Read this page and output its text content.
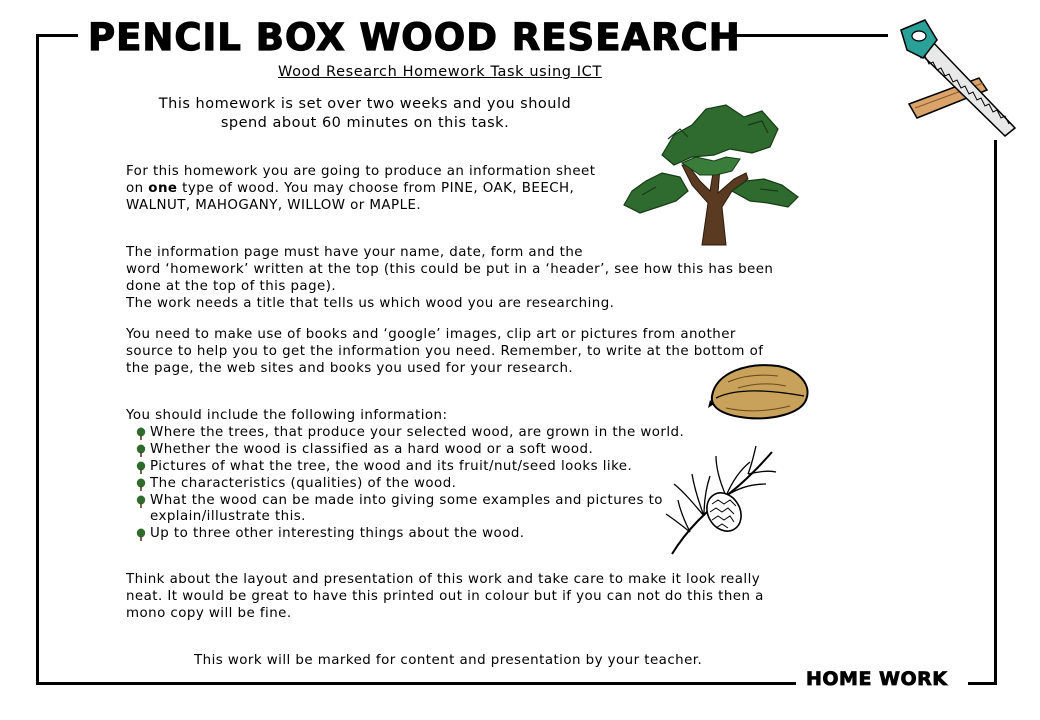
PENCIL BOX WOOD RESEARCH
Wood Research Homework Task using ICT
This homework is set over two weeks and you should
spend about 60 minutes on this task.

For this homework you are going to produce an information sheet

on one type of wood. You may choose from PINE, OAK, BEECH,

WALNUT, MAHOGANY, WILLOW or MAPLE.

The information page must have your name, date, form and the

word ‘homework’ written at the top (this could be put in a ‘header’, see how this has been

done at the top of this page).

The work needs a title that tells us which wood you are researching.

You need to make use of books and ‘google’ images, clip art or pictures from another

source to help you to get the information you need. Remember, to write at the bottom of

the page, the web sites and books you used for your research.

You should include the following information:

Where the trees, that produce your selected wood, are grown in the world.
Whether the wood is classified as a hard wood or a soft wood.
Pictures of what the tree, the wood and its fruit/nut/seed looks like.
The characteristics (qualities) of the wood.
What the wood can be made into giving some examples and pictures to
explain/illustrate this.
Up to three other interesting things about the wood.

Think about the layout and presentation of this work and take care to make it look really

neat. It would be great to have this printed out in colour but if you can not do this then a

mono copy will be fine.

This work will be marked for content and presentation by your teacher.
HOME WORK
